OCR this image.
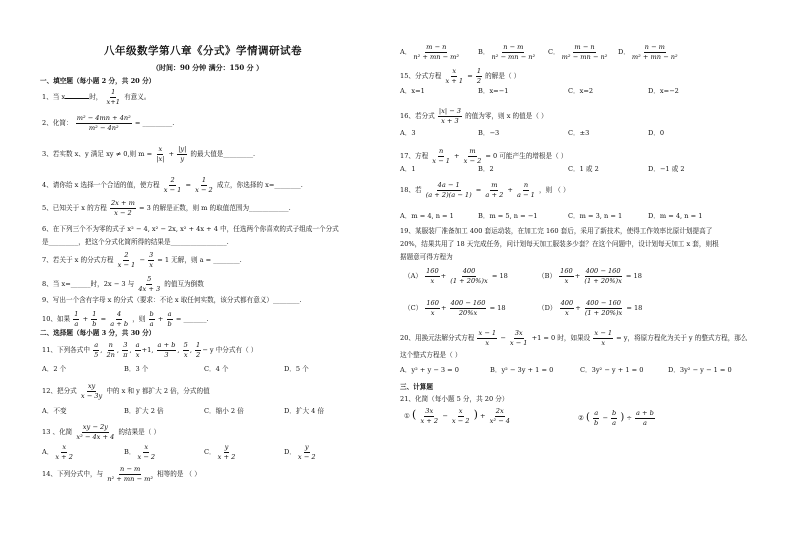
八年级数学第八章《分式》学情调研试卷
（时间：90 分钟 满分：150 分 ）
一、填空题（每小题 2 分，共 20 分）
1、当 x	时， $\frac{1}{x+1}$ 有意义。
2、化简： $\frac{\text{m² − 4mn + 4n²}}{\text{m² − 4n²}}$ = _________.
3、若实数 x、y 满足 xy ≠ 0,则 $m = \frac{x}{|x|} + \frac{|y|}{y}$ 的最大值是_________.
4、请你给 x 选择一个合适的值，使方程 $\frac{2}{x - 1} = \frac{1}{x - 2}$ 成立，你选择的 x=________.
5、已知关于 x 的方程 $\frac{2x + m}{x - 2} = 3$ 的解是正数，则 m 的取值范围为____________.
6、在下列三个不为零的式子 x² − 4, x² − 2x, x² + 4x + 4 中，任选两个你喜欢的式子组成一个分式
是_________，把这个分式化简所得的结果是_________________.
7、若关于 x 的分式方程 $\frac{2}{x - 1} - \frac{3}{x} = 1$ 无解，则 a = ________.
8、当 x=______时，2x − 3 与 $\frac{5}{4x + 3}$ 的值互为倒数
9、写出一个含有字母 x 的分式（要求：不论 x 取任何实数，该分式都有意义）________.
10、如果 $\frac{1}{a} + \frac{1}{b} = \frac{4}{a + b}$ ，则 $\frac{b}{a} + \frac{a}{b}$ = _______.
二、选择题（每小题 3 分，共 30 分）
11、下列各式中 $\frac{a}{5}$ , $\frac{n}{2n}$ , $\frac{3}{\pi}$ , $\frac{a}{x} +1$, $\frac{a + b}{3}$ , $\frac{5}{x}$ , $\frac{1}{2} - y$ 中分式有（ ）
A．2 个	B．3 个	C．4 个	D．5 个
12、把分式 $\frac{xy}{x - 3y}$ 中的 x 和 y 都扩大 2 倍，分式的值
A．不变	B．扩大 2 倍	C．缩小 2 倍	D．扩大 4 倍
13 、化简 $\frac{xy - 2y}{\text{x² − 4x + 4}}$ 的结果是（ ）
A． $\frac{x}{x + 2}$	B． $\frac{x}{x - 2}$	C． $\frac{y}{x + 2}$	D． $\frac{y}{x - 2}$
14、下列分式中，与 $\frac{n - m}{\text{n² + mn − m²}}$ 相等的是 （ ）
A． $\frac{m - n}{\text{n² + mn − m²}}$	B． $\frac{n - m}{\text{n² − mn − n²}}$ C． $\frac{m - n}{\text{m² − mn − n²}}$ D． $\frac{n - m}{\text{m² + mn − n²}}$
15、分式方程 $\frac{x}{x + 1} = \frac{1}{2}$ 的解是（ ）
A．x=1	B．x=−1	C．x=2	D．x=−2
16、若分式 $\frac{|x| - 3}{x + 3}$ 的值为零，则 x 的值是（ ）
A．3	B．−3	C．±3	D．0
17、方程 $\frac{n}{x - 1} + \frac{m}{x - 2} = 0$ 可能产生的增根是（ ）
A．1	B．2	C．1 或 2	D．−1 或 2
18、若 $\frac{4a - 1}{(a + 2)(a - 1)} = \frac{m}{a + 2} + \frac{n}{a - 1}$ ，则 （ ）
A．m = 4, n = 1	B．m = 5, n = −1	C．m = 3, n = 1	D．m = 4, n = 1
19、某服装厂准备加工 400 套运动装，在加工完 160 套后，采用了新技术，使得工作效率比原计划提高了
20%，结果共用了 18 天完成任务，问计划每天加工服装多少套？在这个问题中，设计划每天加工 x 套，则根
据题意可得方程为
$(A) \frac{160}{x} + \frac{400}{(1 + 20\%)x} = 18$	$(B) \frac{160}{x} + \frac{400 - 160}{(1 + 20\%)x} = 18$
$(C) \frac{160}{x} + \frac{400 - 160}{20\%x} = 18$	$(D) \frac{400}{x} + \frac{400 - 160}{(1 + 20\%)x} = 18$
20、用换元法解分式方程 $\frac{x - 1}{x} - \frac{3x}{x - 1} +1 = 0$ 时，如果设 $\frac{x - 1}{x} = y$，将原方程化为关于 y 的整式方程，那么
这个整式方程是（ ）
A．y² + y − 3 = 0	B．y² − 3y + 1 = 0	C．3y² − y + 1 = 0	D．3y² − y − 1 = 0
三、计算题
21、化简（每小题 5 分，共 20 分）
① ( $\frac{3x}{x + 2} - \frac{x}{x - 2}$ ) + $\frac{2x}{\text{x² − 4}}$	② ( $\frac{a}{b} - \frac{b}{a}$ ) ÷ $\frac{a + b}{a}$
